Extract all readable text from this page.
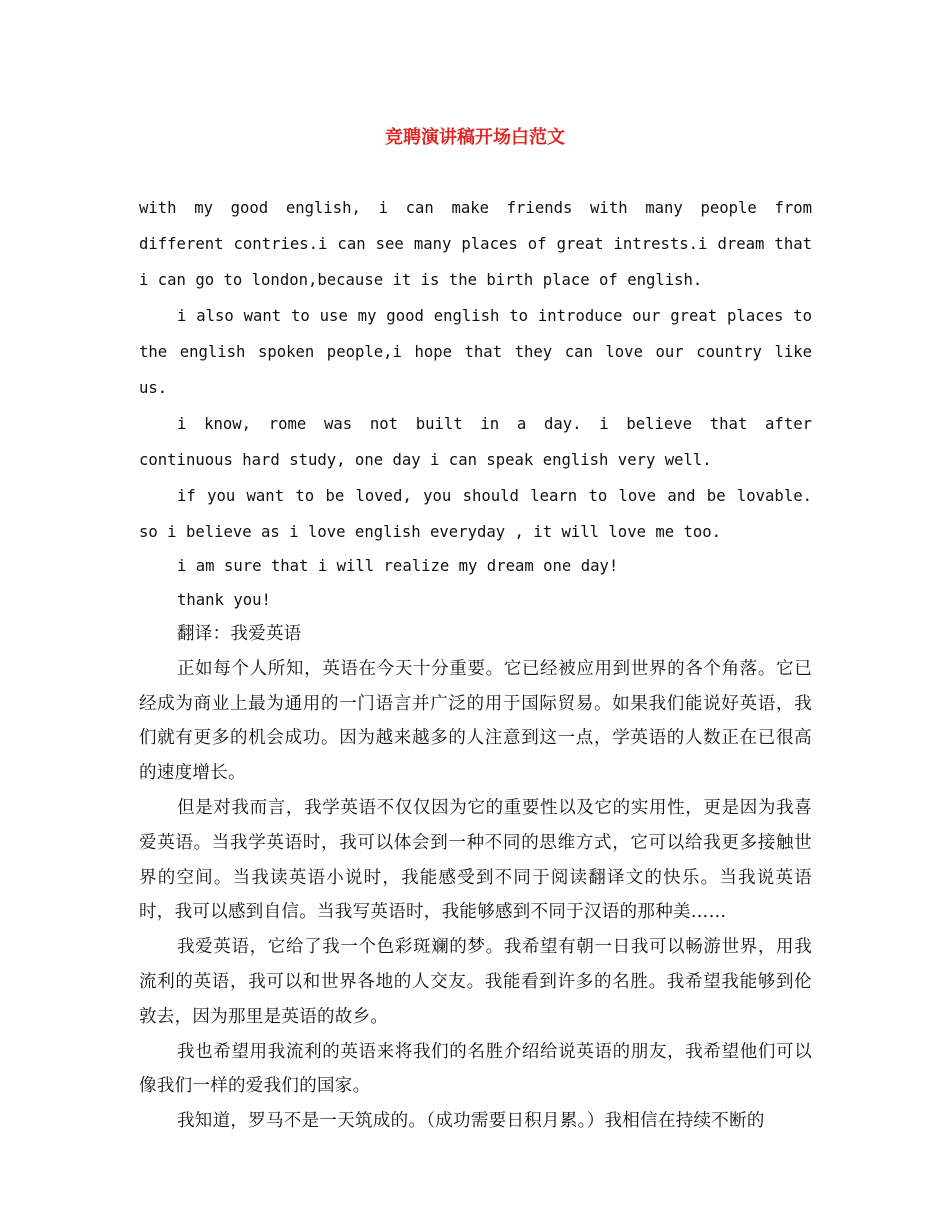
竞聘演讲稿开场白范文

with my good english, i can make friends with many people from different contries.i can see many places of great intrests.i dream that i can go to london,because it is the birth place of english.

i also want to use my good english to introduce our great places to the english spoken people,i hope that they can love our country like us.

i know, rome was not built in a day. i believe that after continuous hard study, one day i can speak english very well.

if you want to be loved, you should learn to love and be lovable. so i believe as i love english everyday , it will love me too.

i am sure that i will realize my dream one day!

thank you!

翻译：我爱英语

正如每个人所知，英语在今天十分重要。它已经被应用到世界的各个角落。它已经成为商业上最为通用的一门语言并广泛的用于国际贸易。如果我们能说好英语，我们就有更多的机会成功。因为越来越多的人注意到这一点，学英语的人数正在已很高的速度增长。

但是对我而言，我学英语不仅仅因为它的重要性以及它的实用性，更是因为我喜爱英语。当我学英语时，我可以体会到一种不同的思维方式，它可以给我更多接触世界的空间。当我读英语小说时，我能感受到不同于阅读翻译文的快乐。当我说英语时，我可以感到自信。当我写英语时，我能够感到不同于汉语的那种美……

我爱英语，它给了我一个色彩斑斓的梦。我希望有朝一日我可以畅游世界，用我流利的英语，我可以和世界各地的人交友。我能看到许多的名胜。我希望我能够到伦敦去，因为那里是英语的故乡。

我也希望用我流利的英语来将我们的名胜介绍给说英语的朋友，我希望他们可以像我们一样的爱我们的国家。

我知道，罗马不是一天筑成的。（成功需要日积月累。）我相信在持续不断的
